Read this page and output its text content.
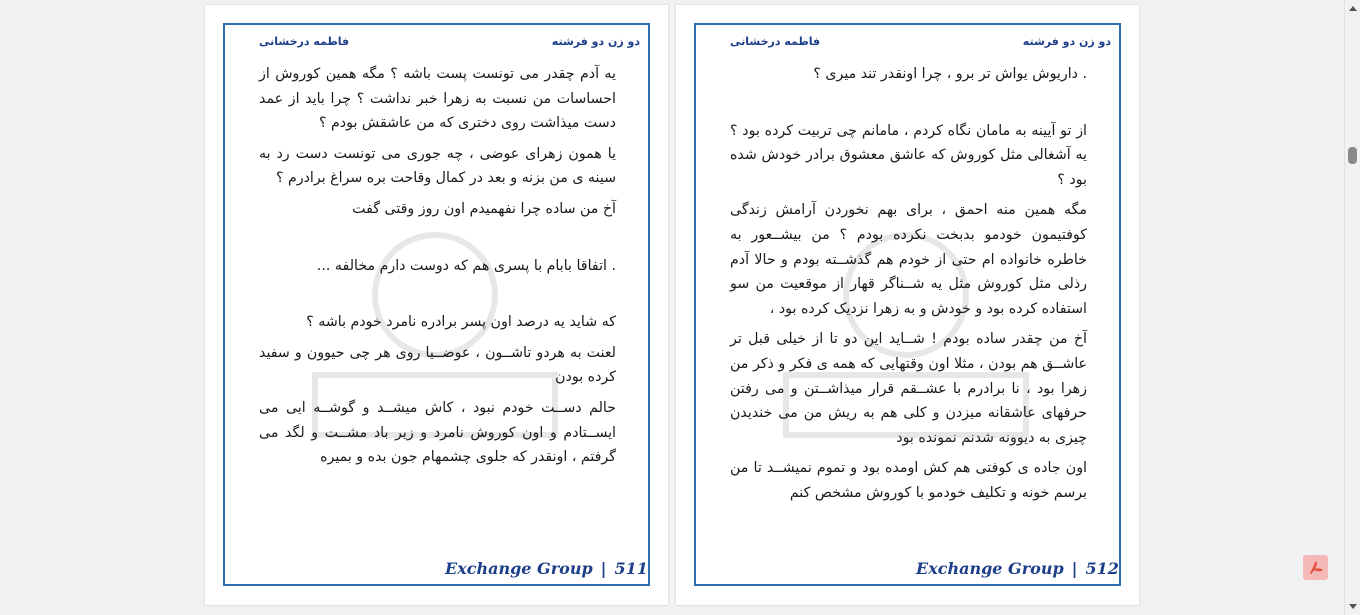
دو زن دو فرشته
فاطمه درخشانی

یه آدم چقدر می تونست پست باشه ؟ مگه همین کوروش از احساسات من نسبت به زهرا خبر نداشت ؟ چرا باید از عمد دست میذاشت روی دختری که من عاشقش بودم ؟

یا همون زهرای عوضی ، چه جوری می تونست دست رد به سینه ی من بزنه و بعد در کمال وقاحت بره سراغ برادرم ؟

آخ من ساده چرا نفهمیدم اون روز وقتی گفت

. اتفاقا بابام با پسری هم که دوست دارم مخالفه ...

که شاید یه درصد اون پسر برادره نامرد خودم باشه ؟

لعنت به هردو تاشــون ، عوضــیا روی هر چی حیوون و سفید کرده بودن

حالم دســت خودم نبود ، کاش میشــد و گوشــه ایی می ایســتادم و اون کوروش نامرد و زیر باد مشــت و لگد می گرفتم ، اونقدر که جلوی چشمهام جون بده و بمیره

Exchange Group | 511
دو زن دو فرشته
فاطمه درخشانی

. داریوش یواش تر برو ، چرا اونقدر تند میری ؟

از تو آیینه به مامان نگاه کردم ، مامانم چی تربیت کرده بود ؟ یه آشغالی مثل کوروش که عاشق معشوق برادر خودش شده بود ؟

مگه همین منه احمق ، برای بهم نخوردن آرامش زندگی کوفتیمون خودمو بدبخت نکرده بودم ؟ من بیشــعور به خاطره خانواده ام حتی از خودم هم گذشــته بودم و حالا آدم رذلی مثل کوروش مثل یه شــناگر قهار از موقعیت من سو استفاده کرده بود و خودش و به زهرا نزدیک کرده بود ،

آخ من چقدر ساده بودم ! شــاید این دو تا از خیلی قبل تر عاشــق هم بودن ، مثلا اون وقتهایی که همه ی فکر و ذکر من زهرا بود ، نا برادرم با عشــقم قرار میذاشــتن و می رفتن حرفهای عاشقانه میزدن و کلی هم به ریش من می خندیدن چیزی به دیوونه شدنم نمونده بود

اون جاده ی کوفتی هم کش اومده بود و تموم نمیشــد تا من برسم خونه و تکلیف خودمو با کوروش مشخص کنم

Exchange Group | 512
